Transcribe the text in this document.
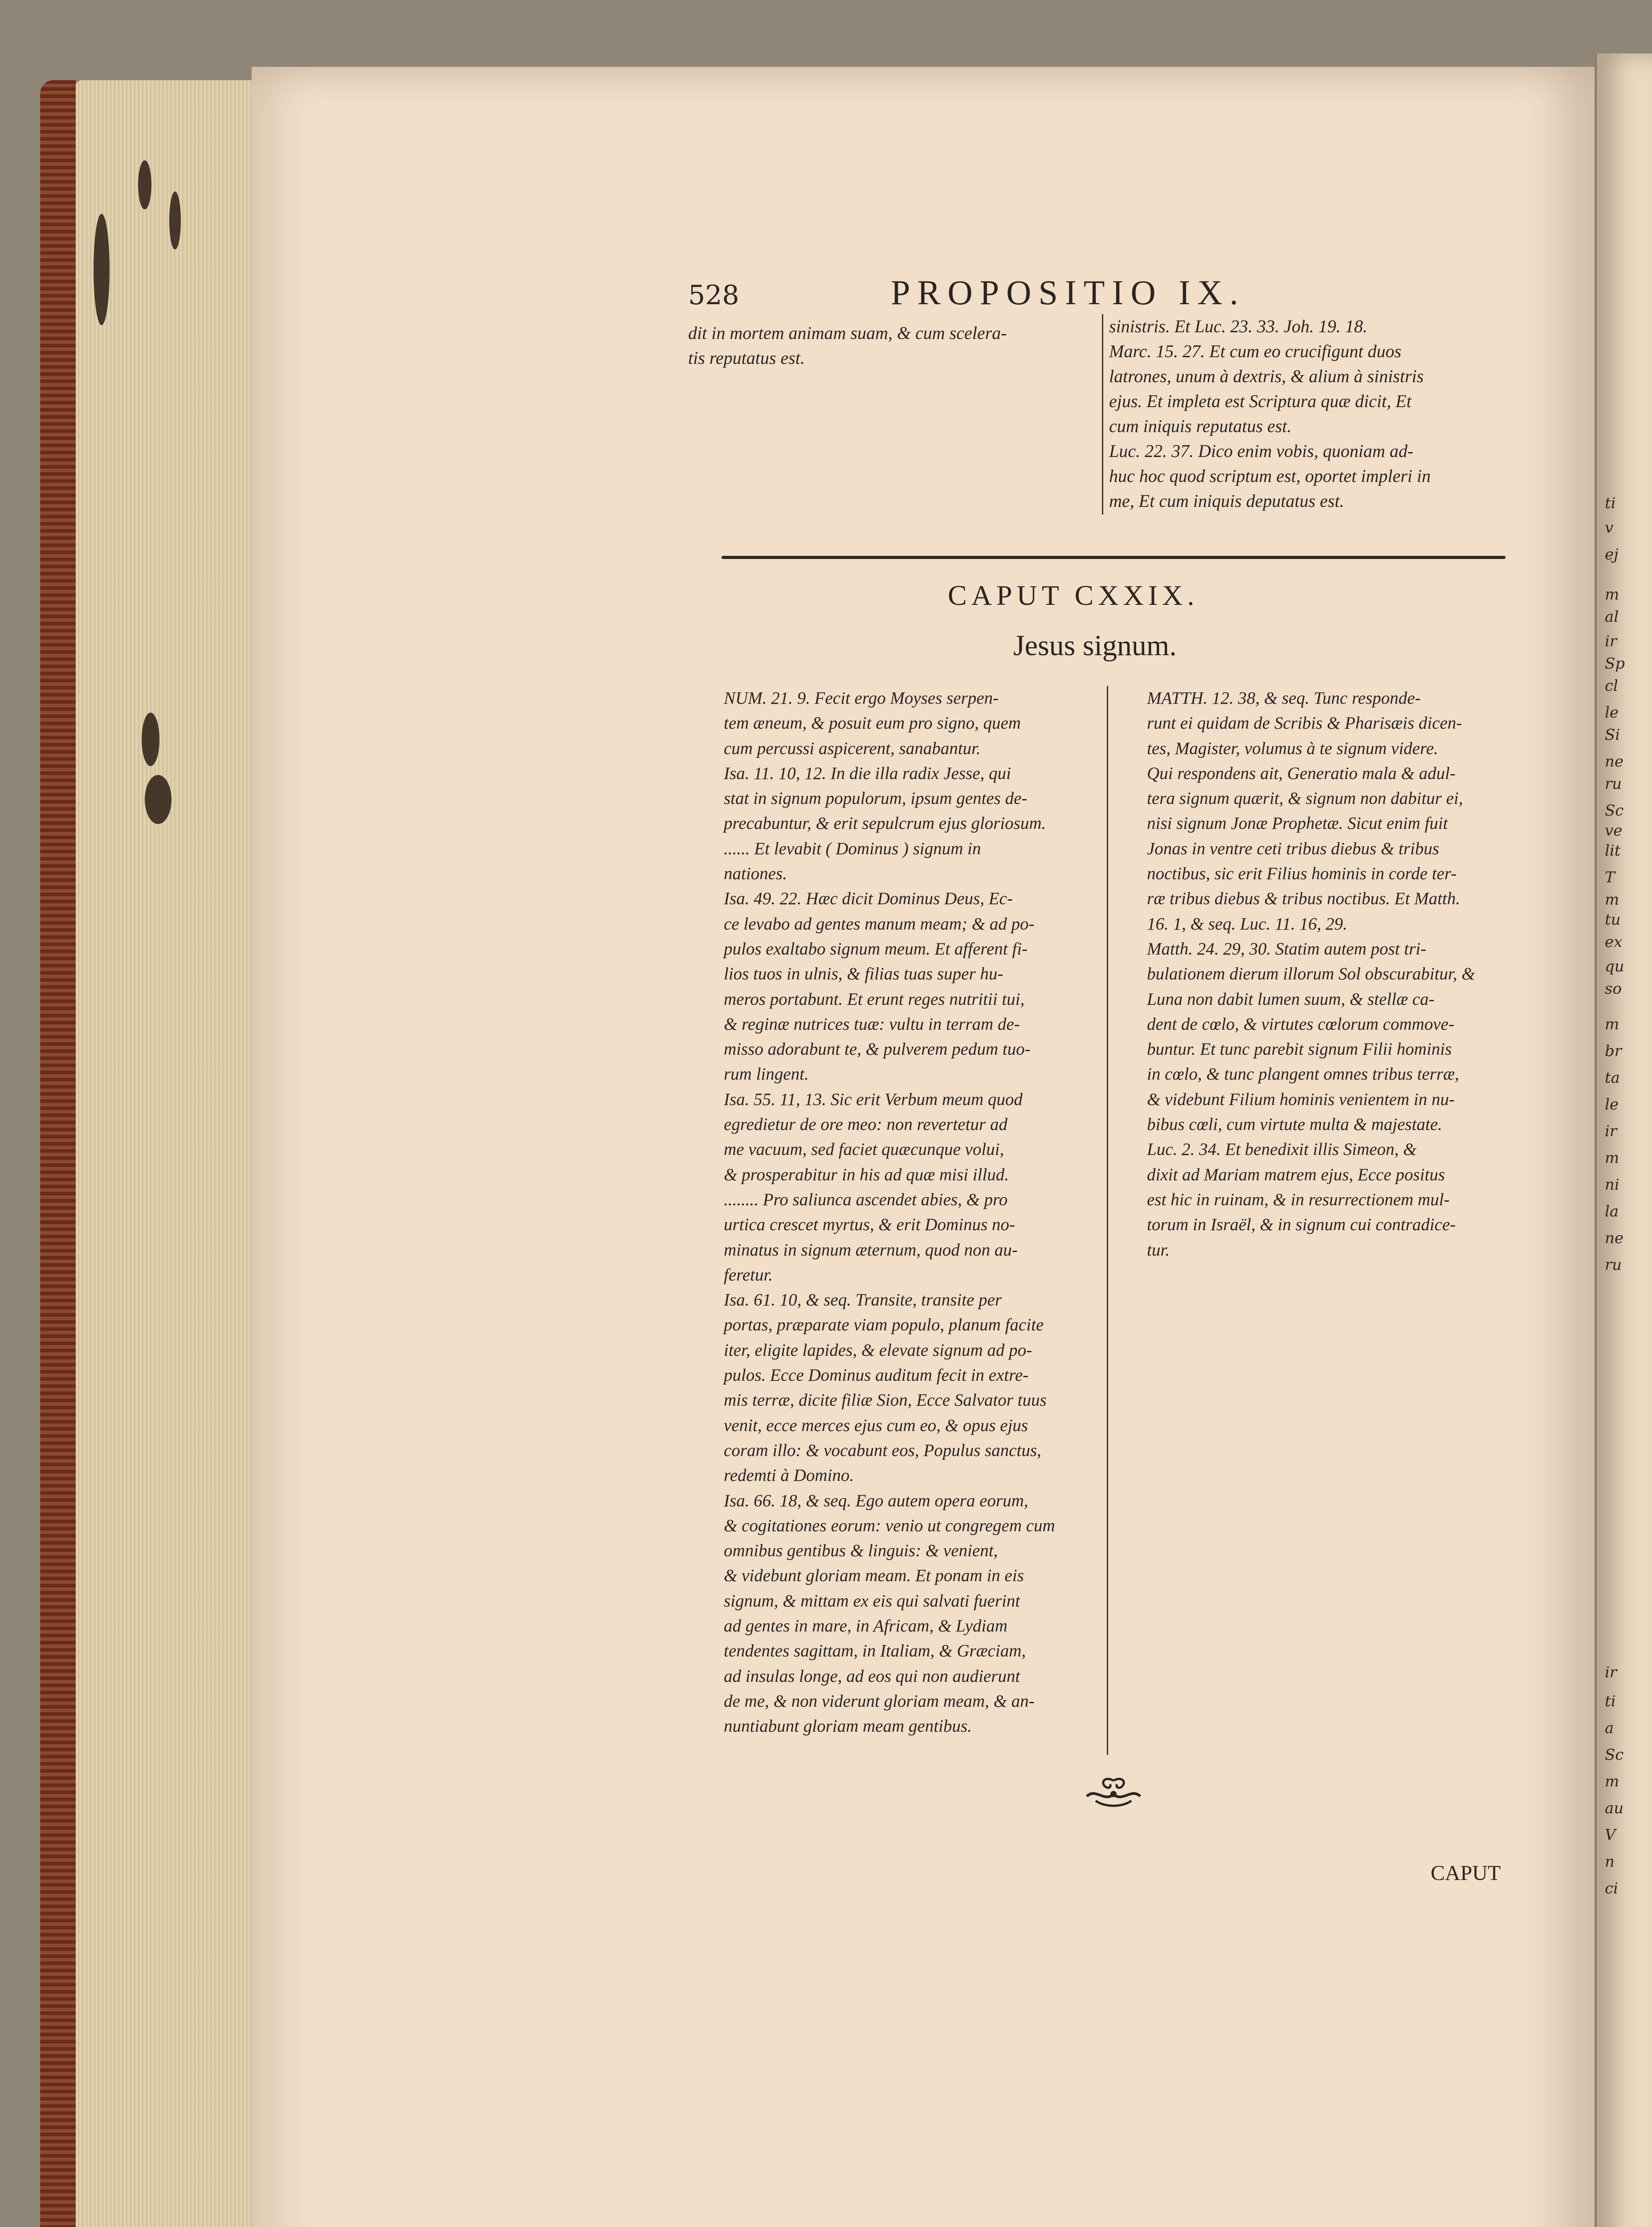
ti
v
ej
m
al
ir
Sp
cl
le
Si
ne
ru
Sc
ve
lit
T
m
tu
ex
qu
so
m
br
ta
le
ir
m
ni
la
ne
ru
ir
ti
a
Sc
m
au
V
n
ci
528	PROPOSITIO IX.
dit in mortem animam suam, & cum scelera-
tis reputatus est.
sinistris. Et Luc. 23. 33. Joh. 19. 18.
Marc. 15. 27. Et cum eo crucifigunt duos
latrones, unum à dextris, & alium à sinistris
ejus. Et impleta est Scriptura quæ dicit, Et
cum iniquis reputatus est.
Luc. 22. 37. Dico enim vobis, quoniam ad-
huc hoc quod scriptum est, oportet impleri in
me, Et cum iniquis deputatus est.
CAPUT CXXIX.
Jesus signum.
NUM. 21. 9. Fecit ergo Moyses serpen-
tem æneum, & posuit eum pro signo, quem
cum percussi aspicerent, sanabantur.
Isa. 11. 10, 12. In die illa radix Jesse, qui
stat in signum populorum, ipsum gentes de-
precabuntur, & erit sepulcrum ejus gloriosum.
...... Et levabit ( Dominus ) signum in
nationes.
Isa. 49. 22. Hæc dicit Dominus Deus, Ec-
ce levabo ad gentes manum meam; & ad po-
pulos exaltabo signum meum. Et afferent fi-
lios tuos in ulnis, & filias tuas super hu-
meros portabunt. Et erunt reges nutritii tui,
& reginæ nutrices tuæ: vultu in terram de-
misso adorabunt te, & pulverem pedum tuo-
rum lingent.
Isa. 55. 11, 13. Sic erit Verbum meum quod
egredietur de ore meo: non revertetur ad
me vacuum, sed faciet quæcunque volui,
& prosperabitur in his ad quæ misi illud.
........ Pro saliunca ascendet abies, & pro
urtica crescet myrtus, & erit Dominus no-
minatus in signum æternum, quod non au-
feretur.
Isa. 61. 10, & seq. Transite, transite per
portas, præparate viam populo, planum facite
iter, eligite lapides, & elevate signum ad po-
pulos. Ecce Dominus auditum fecit in extre-
mis terræ, dicite filiæ Sion, Ecce Salvator tuus
venit, ecce merces ejus cum eo, & opus ejus
coram illo: & vocabunt eos, Populus sanctus,
redemti à Domino.
Isa. 66. 18, & seq. Ego autem opera eorum,
& cogitationes eorum: venio ut congregem cum
omnibus gentibus & linguis: & venient,
& videbunt gloriam meam. Et ponam in eis
signum, & mittam ex eis qui salvati fuerint
ad gentes in mare, in Africam, & Lydiam
tendentes sagittam, in Italiam, & Græciam,
ad insulas longe, ad eos qui non audierunt
de me, & non viderunt gloriam meam, & an-
nuntiabunt gloriam meam gentibus.
MATTH. 12. 38, & seq. Tunc responde-
runt ei quidam de Scribis & Pharisæis dicen-
tes, Magister, volumus à te signum videre.
Qui respondens ait, Generatio mala & adul-
tera signum quærit, & signum non dabitur ei,
nisi signum Jonæ Prophetæ. Sicut enim fuit
Jonas in ventre ceti tribus diebus & tribus
noctibus, sic erit Filius hominis in corde ter-
ræ tribus diebus & tribus noctibus. Et Matth.
16. 1, & seq. Luc. 11. 16, 29.
Matth. 24. 29, 30. Statim autem post tri-
bulationem dierum illorum Sol obscurabitur, &
Luna non dabit lumen suum, & stellæ ca-
dent de cœlo, & virtutes cœlorum commove-
buntur. Et tunc parebit signum Filii hominis
in cœlo, & tunc plangent omnes tribus terræ,
& videbunt Filium hominis venientem in nu-
bibus cœli, cum virtute multa & majestate.
Luc. 2. 34. Et benedixit illis Simeon, &
dixit ad Mariam matrem ejus, Ecce positus
est hic in ruinam, & in resurrectionem mul-
torum in Israël, & in signum cui contradice-
tur.
CAPUT
